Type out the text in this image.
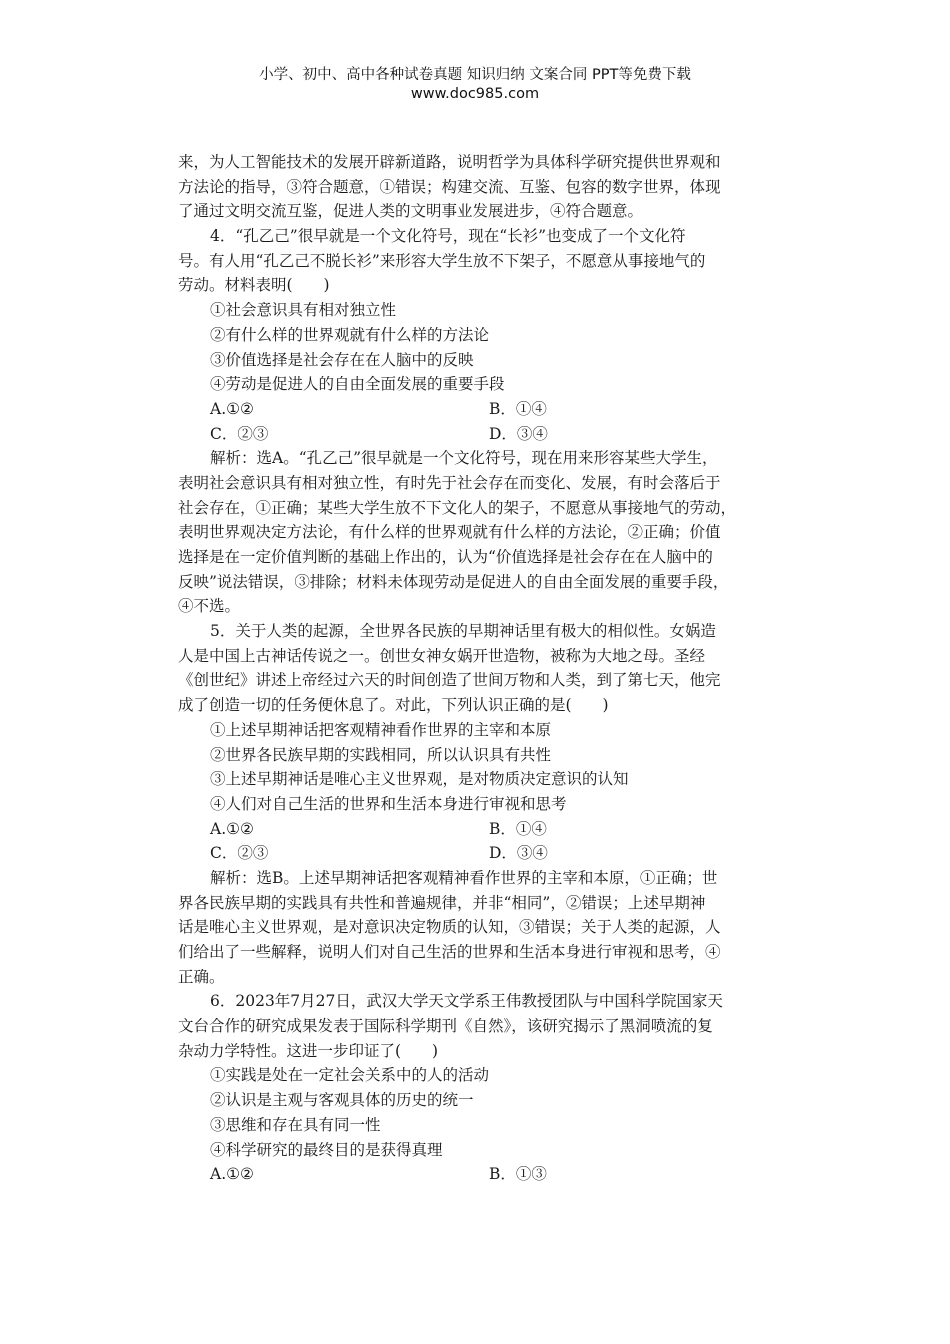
小学、初中、高中各种试卷真题 知识归纳 文案合同 PPT等免费下载
www.doc985.com
来，为人工智能技术的发展开辟新道路，说明哲学为具体科学研究提供世界观和
方法论的指导，③符合题意，①错误；构建交流、互鉴、包容的数字世界，体现
了通过文明交流互鉴，促进人类的文明事业发展进步，④符合题意。
4．“孔乙己”很早就是一个文化符号，现在“长衫”也变成了一个文化符
号。有人用“孔乙己不脱长衫”来形容大学生放不下架子，不愿意从事接地气的
劳动。材料表明(　　)
①社会意识具有相对独立性
②有什么样的世界观就有什么样的方法论
③价值选择是社会存在在人脑中的反映
④劳动是促进人的自由全面发展的重要手段
A.①②	B．①④
C．②③	D．③④
解析：选A。“孔乙己”很早就是一个文化符号，现在用来形容某些大学生，
表明社会意识具有相对独立性，有时先于社会存在而变化、发展，有时会落后于
社会存在，①正确；某些大学生放不下文化人的架子，不愿意从事接地气的劳动，
表明世界观决定方法论，有什么样的世界观就有什么样的方法论，②正确；价值
选择是在一定价值判断的基础上作出的，认为“价值选择是社会存在在人脑中的
反映”说法错误，③排除；材料未体现劳动是促进人的自由全面发展的重要手段，
④不选。
5．关于人类的起源，全世界各民族的早期神话里有极大的相似性。女娲造
人是中国上古神话传说之一。创世女神女娲开世造物，被称为大地之母。圣经
《创世纪》讲述上帝经过六天的时间创造了世间万物和人类，到了第七天，他完
成了创造一切的任务便休息了。对此，下列认识正确的是(　　)
①上述早期神话把客观精神看作世界的主宰和本原
②世界各民族早期的实践相同，所以认识具有共性
③上述早期神话是唯心主义世界观，是对物质决定意识的认知
④人们对自己生活的世界和生活本身进行审视和思考
A.①②	B．①④
C．②③	D．③④
解析：选B。上述早期神话把客观精神看作世界的主宰和本原，①正确；世
界各民族早期的实践具有共性和普遍规律，并非“相同”，②错误；上述早期神
话是唯心主义世界观，是对意识决定物质的认知，③错误；关于人类的起源，人
们给出了一些解释，说明人们对自己生活的世界和生活本身进行审视和思考，④
正确。
6．2023年7月27日，武汉大学天文学系王伟教授团队与中国科学院国家天
文台合作的研究成果发表于国际科学期刊《自然》，该研究揭示了黑洞喷流的复
杂动力学特性。这进一步印证了(　　)
①实践是处在一定社会关系中的人的活动
②认识是主观与客观具体的历史的统一
③思维和存在具有同一性
④科学研究的最终目的是获得真理
A.①②	B．①③
